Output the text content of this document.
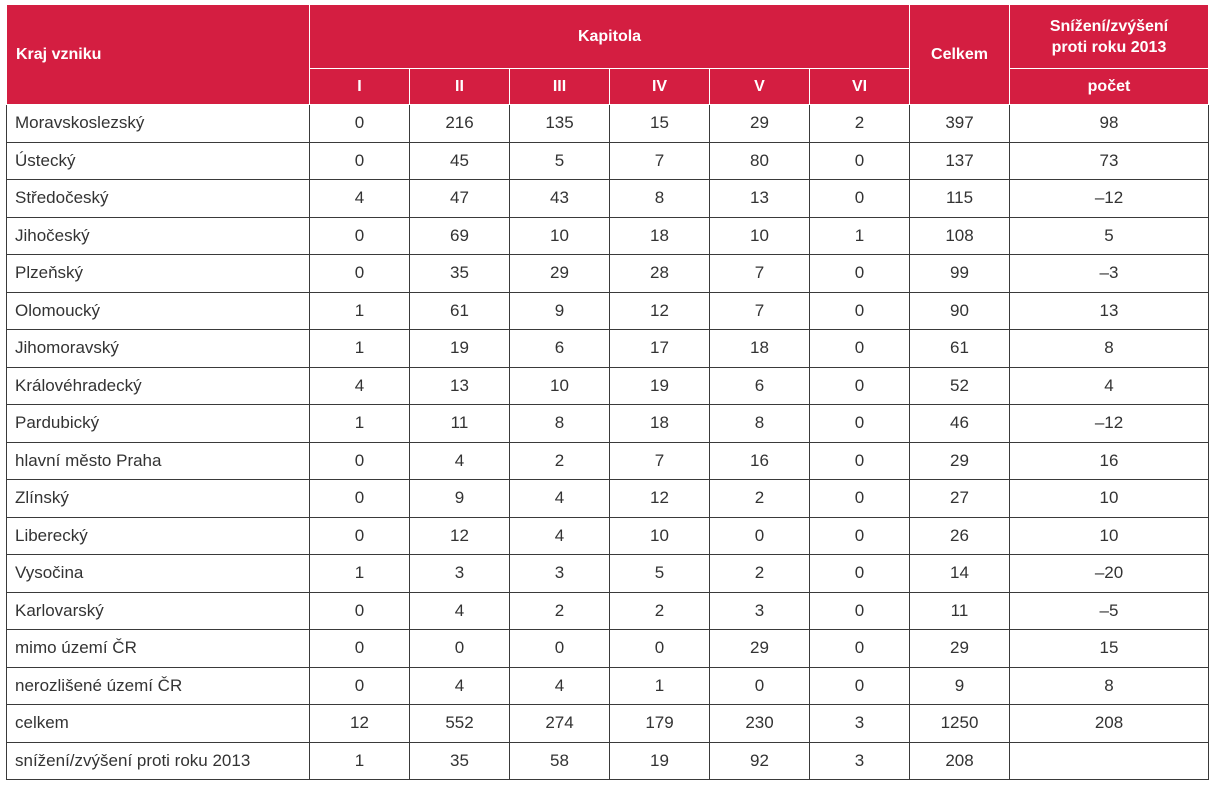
Kraj vzniku	Kapitola						Celkem	Snížení/zvýšení
proti roku 2013
	I	II	III	IV	V	VI		počet
Moravskoslezský	0	216	135	15	29	2	397	98
Ústecký	0	45	5	7	80	0	137	73
Středočeský	4	47	43	8	13	0	115	–12
Jihočeský	0	69	10	18	10	1	108	5
Plzeňský	0	35	29	28	7	0	99	–3
Olomoucký	1	61	9	12	7	0	90	13
Jihomoravský	1	19	6	17	18	0	61	8
Královéhradecký	4	13	10	19	6	0	52	4
Pardubický	1	11	8	18	8	0	46	–12
hlavní město Praha	0	4	2	7	16	0	29	16
Zlínský	0	9	4	12	2	0	27	10
Liberecký	0	12	4	10	0	0	26	10
Vysočina	1	3	3	5	2	0	14	–20
Karlovarský	0	4	2	2	3	0	11	–5
mimo území ČR	0	0	0	0	29	0	29	15
nerozlišené území ČR	0	4	4	1	0	0	9	8
celkem	12	552	274	179	230	3	1250	208
snížení/zvýšení proti roku 2013	1	35	58	19	92	3	208	
